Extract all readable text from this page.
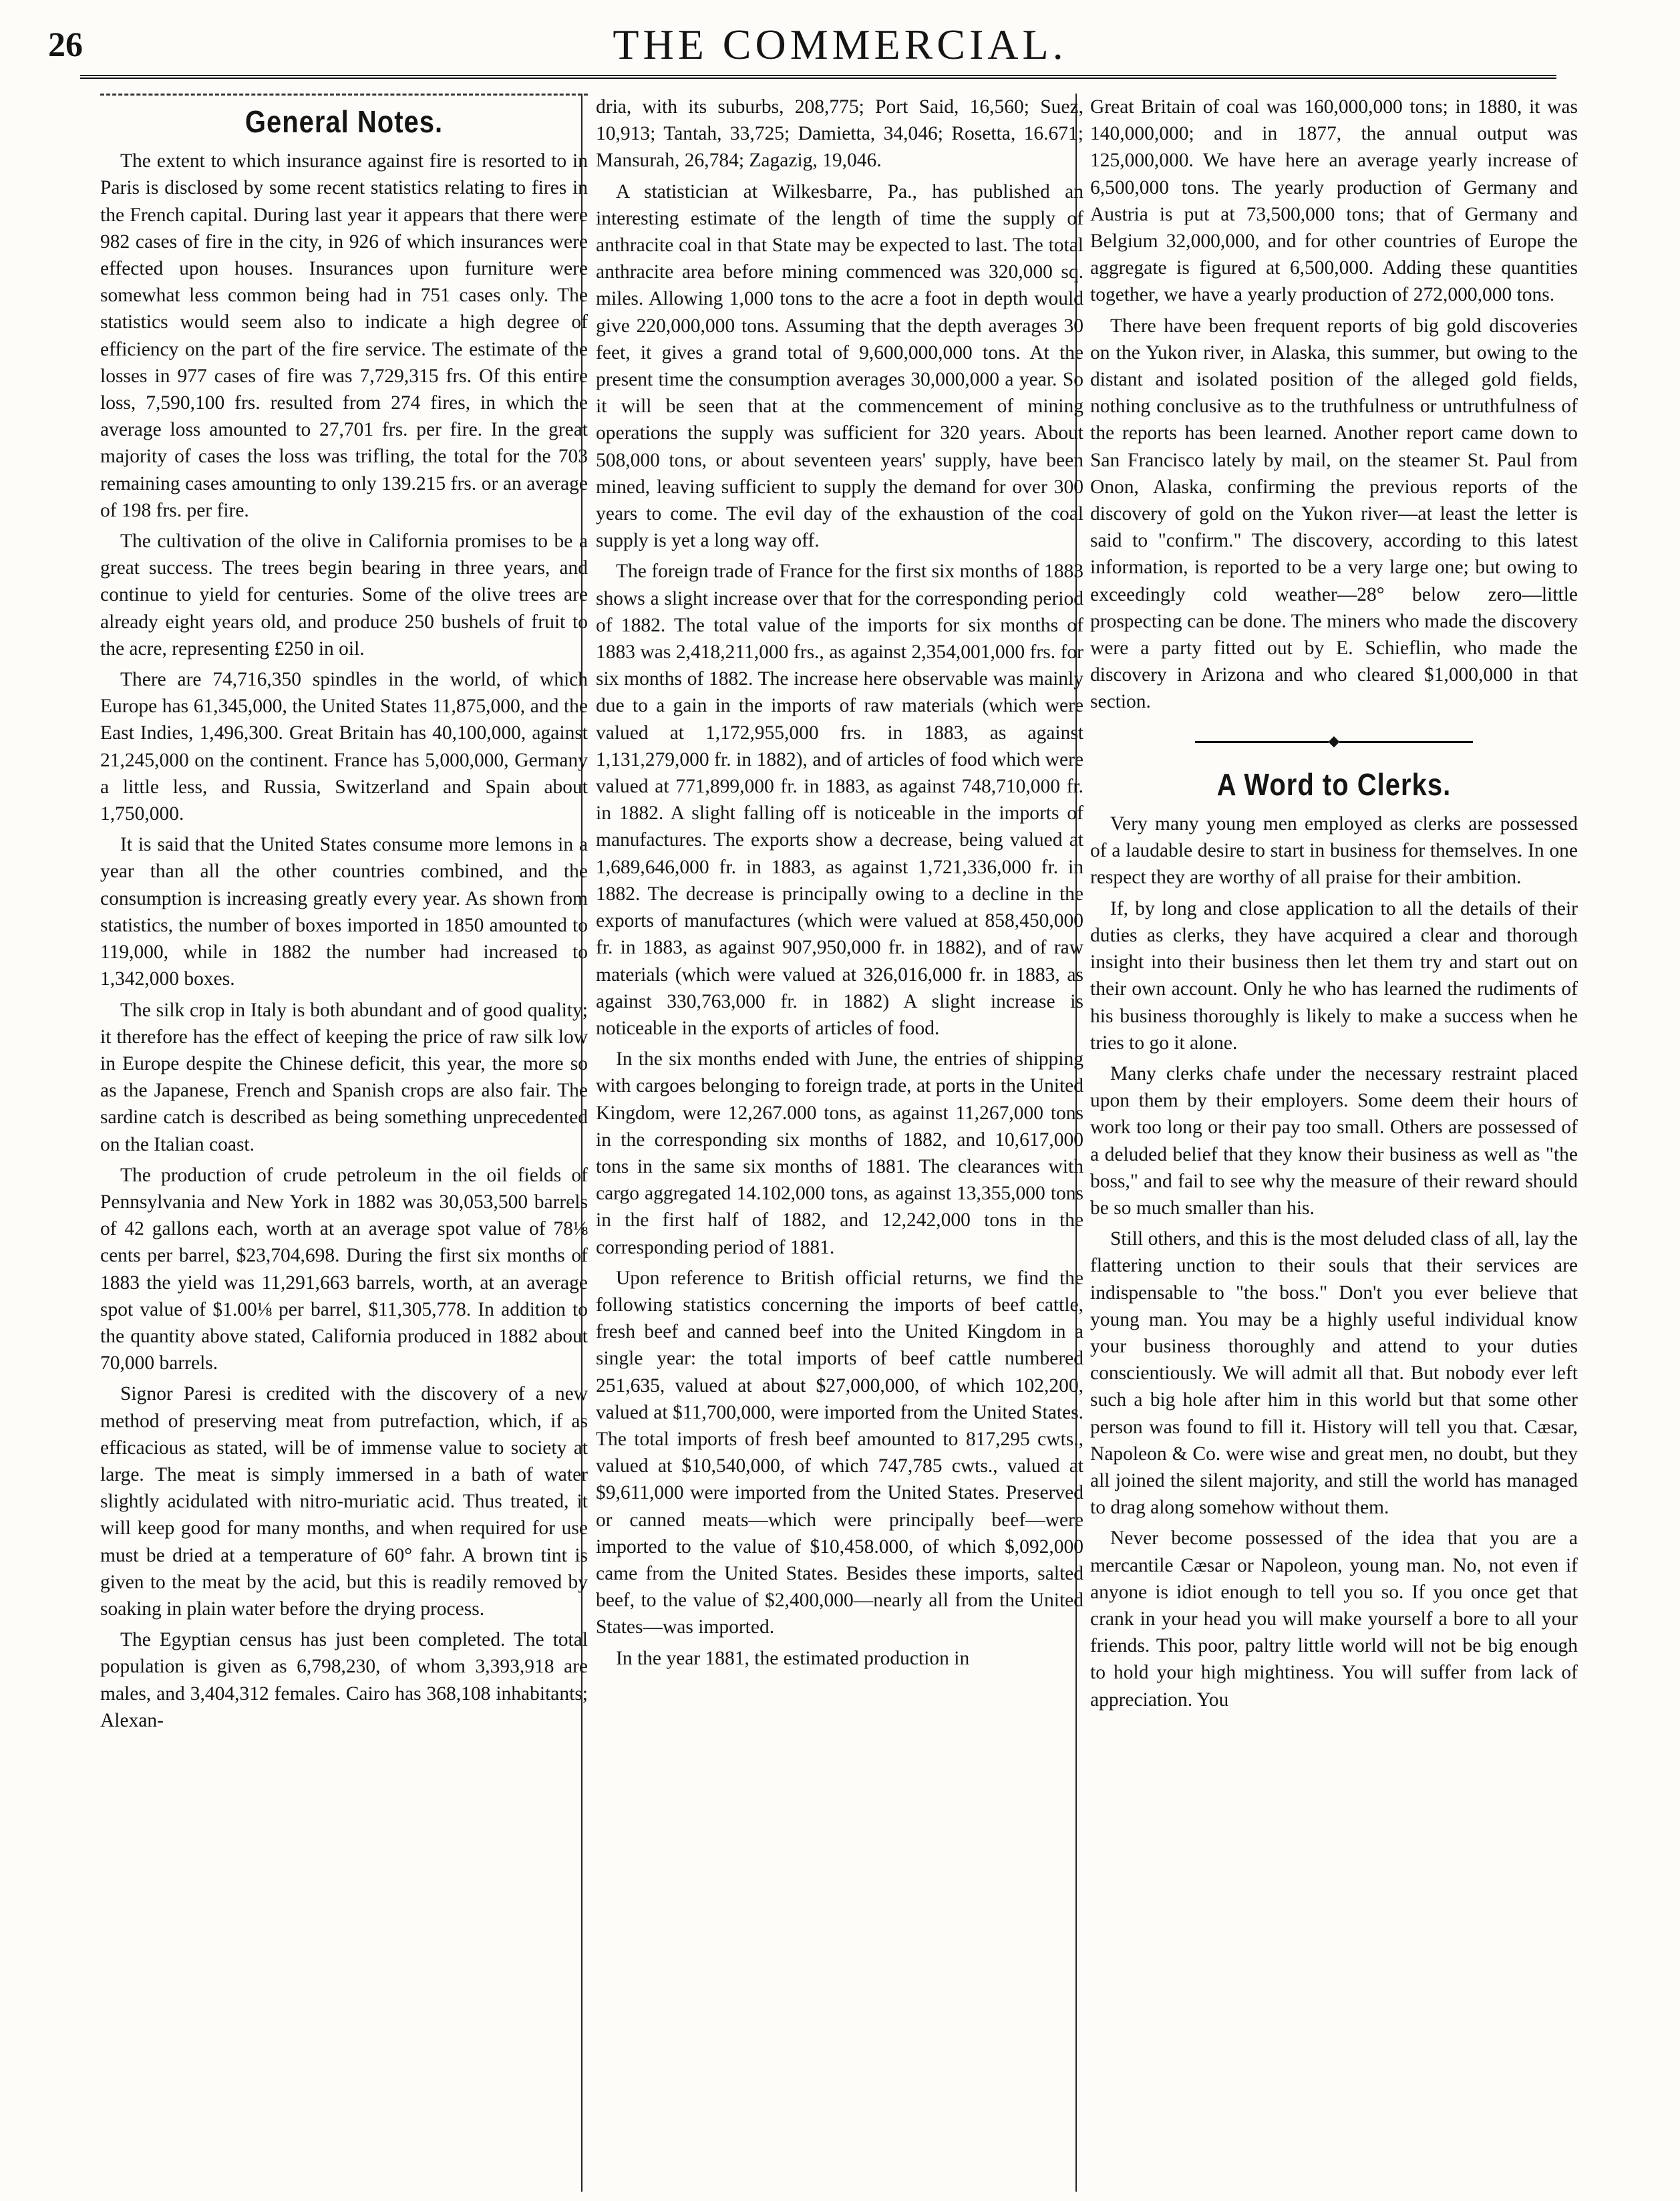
26	THE COMMERCIAL.
General Notes.

The extent to which insurance against fire is resorted to in Paris is disclosed by some recent statistics relating to fires in the French capital. During last year it appears that there were 982 cases of fire in the city, in 926 of which insurances were effected upon houses. Insurances upon furniture were somewhat less common being had in 751 cases only. The statistics would seem also to indicate a high degree of efficiency on the part of the fire service. The estimate of the losses in 977 cases of fire was 7,729,315 frs. Of this entire loss, 7,590,100 frs. resulted from 274 fires, in which the average loss amounted to 27,701 frs. per fire. In the great majority of cases the loss was trifling, the total for the 703 remaining cases amounting to only 139.215 frs. or an average of 198 frs. per fire.

The cultivation of the olive in California promises to be a great success. The trees begin bearing in three years, and continue to yield for centuries. Some of the olive trees are already eight years old, and produce 250 bushels of fruit to the acre, representing £250 in oil.

There are 74,716,350 spindles in the world, of which Europe has 61,345,000, the United States 11,875,000, and the East Indies, 1,496,300. Great Britain has 40,100,000, against 21,245,000 on the continent. France has 5,000,000, Germany a little less, and Russia, Switzerland and Spain about 1,750,000.

It is said that the United States consume more lemons in a year than all the other countries combined, and the consumption is increasing greatly every year. As shown from statistics, the number of boxes imported in 1850 amounted to 119,000, while in 1882 the number had increased to 1,342,000 boxes.

The silk crop in Italy is both abundant and of good quality; it therefore has the effect of keeping the price of raw silk low in Europe despite the Chinese deficit, this year, the more so as the Japanese, French and Spanish crops are also fair. The sardine catch is described as being something unprecedented on the Italian coast.

The production of crude petroleum in the oil fields of Pennsylvania and New York in 1882 was 30,053,500 barrels of 42 gallons each, worth at an average spot value of 78⅛ cents per barrel, $23,704,698. During the first six months of 1883 the yield was 11,291,663 barrels, worth, at an average spot value of $1.00⅛ per barrel, $11,305,778. In addition to the quantity above stated, California produced in 1882 about 70,000 barrels.

Signor Paresi is credited with the discovery of a new method of preserving meat from putrefaction, which, if as efficacious as stated, will be of immense value to society at large. The meat is simply immersed in a bath of water slightly acidulated with nitro-muriatic acid. Thus treated, it will keep good for many months, and when required for use must be dried at a temperature of 60° fahr. A brown tint is given to the meat by the acid, but this is readily removed by soaking in plain water before the drying process.

The Egyptian census has just been completed. The total population is given as 6,798,230, of whom 3,393,918 are males, and 3,404,312 females. Cairo has 368,108 inhabitants; Alexan-

dria, with its suburbs, 208,775; Port Said, 16,560; Suez, 10,913; Tantah, 33,725; Damietta, 34,046; Rosetta, 16.671; Mansurah, 26,784; Zagazig, 19,046.

A statistician at Wilkesbarre, Pa., has published an interesting estimate of the length of time the supply of anthracite coal in that State may be expected to last. The total anthracite area before mining commenced was 320,000 sq. miles. Allowing 1,000 tons to the acre a foot in depth would give 220,000,000 tons. Assuming that the depth averages 30 feet, it gives a grand total of 9,600,000,000 tons. At the present time the consumption averages 30,000,000 a year. So it will be seen that at the commencement of mining operations the supply was sufficient for 320 years. About 508,000 tons, or about seventeen years' supply, have been mined, leaving sufficient to supply the demand for over 300 years to come. The evil day of the exhaustion of the coal supply is yet a long way off.

The foreign trade of France for the first six months of 1883 shows a slight increase over that for the corresponding period of 1882. The total value of the imports for six months of 1883 was 2,418,211,000 frs., as against 2,354,001,000 frs. for six months of 1882. The increase here observable was mainly due to a gain in the imports of raw materials (which were valued at 1,172,955,000 frs. in 1883, as against 1,131,279,000 fr. in 1882), and of articles of food which were valued at 771,899,000 fr. in 1883, as against 748,710,000 fr. in 1882. A slight falling off is noticeable in the imports of manufactures. The exports show a decrease, being valued at 1,689,646,000 fr. in 1883, as against 1,721,336,000 fr. in 1882. The decrease is principally owing to a decline in the exports of manufactures (which were valued at 858,450,000 fr. in 1883, as against 907,950,000 fr. in 1882), and of raw materials (which were valued at 326,016,000 fr. in 1883, as against 330,763,000 fr. in 1882) A slight increase is noticeable in the exports of articles of food.

In the six months ended with June, the entries of shipping with cargoes belonging to foreign trade, at ports in the United Kingdom, were 12,267.000 tons, as against 11,267,000 tons in the corresponding six months of 1882, and 10,617,000 tons in the same six months of 1881. The clearances with cargo aggregated 14.102,000 tons, as against 13,355,000 tons in the first half of 1882, and 12,242,000 tons in the corresponding period of 1881.

Upon reference to British official returns, we find the following statistics concerning the imports of beef cattle, fresh beef and canned beef into the United Kingdom in a single year: the total imports of beef cattle numbered 251,635, valued at about $27,000,000, of which 102,200, valued at $11,700,000, were imported from the United States. The total imports of fresh beef amounted to 817,295 cwts., valued at $10,540,000, of which 747,785 cwts., valued at $9,611,000 were imported from the United States. Preserved or canned meats—which were principally beef—were imported to the value of $10,458.000, of which $,092,000 came from the United States. Besides these imports, salted beef, to the value of $2,400,000—nearly all from the United States—was imported.

In the year 1881, the estimated production in

Great Britain of coal was 160,000,000 tons; in 1880, it was 140,000,000; and in 1877, the annual output was 125,000,000. We have here an average yearly increase of 6,500,000 tons. The yearly production of Germany and Austria is put at 73,500,000 tons; that of Germany and Belgium 32,000,000, and for other countries of Europe the aggregate is figured at 6,500,000. Adding these quantities together, we have a yearly production of 272,000,000 tons.

There have been frequent reports of big gold discoveries on the Yukon river, in Alaska, this summer, but owing to the distant and isolated position of the alleged gold fields, nothing conclusive as to the truthfulness or untruthfulness of the reports has been learned. Another report came down to San Francisco lately by mail, on the steamer St. Paul from Onon, Alaska, confirming the previous reports of the discovery of gold on the Yukon river—at least the letter is said to "confirm." The discovery, according to this latest information, is reported to be a very large one; but owing to exceedingly cold weather—28° below zero—little prospecting can be done. The miners who made the discovery were a party fitted out by E. Schieflin, who made the discovery in Arizona and who cleared $1,000,000 in that section.

◆
A Word to Clerks.

Very many young men employed as clerks are possessed of a laudable desire to start in business for themselves. In one respect they are worthy of all praise for their ambition.

If, by long and close application to all the details of their duties as clerks, they have acquired a clear and thorough insight into their business then let them try and start out on their own account. Only he who has learned the rudiments of his business thoroughly is likely to make a success when he tries to go it alone.

Many clerks chafe under the necessary restraint placed upon them by their employers. Some deem their hours of work too long or their pay too small. Others are possessed of a deluded belief that they know their business as well as "the boss," and fail to see why the measure of their reward should be so much smaller than his.

Still others, and this is the most deluded class of all, lay the flattering unction to their souls that their services are indispensable to "the boss." Don't you ever believe that young man. You may be a highly useful individual know your business thoroughly and attend to your duties conscientiously. We will admit all that. But nobody ever left such a big hole after him in this world but that some other person was found to fill it. History will tell you that. Cæsar, Napoleon & Co. were wise and great men, no doubt, but they all joined the silent majority, and still the world has managed to drag along somehow without them.

Never become possessed of the idea that you are a mercantile Cæsar or Napoleon, young man. No, not even if anyone is idiot enough to tell you so. If you once get that crank in your head you will make yourself a bore to all your friends. This poor, paltry little world will not be big enough to hold your high mightiness. You will suffer from lack of appreciation. You
